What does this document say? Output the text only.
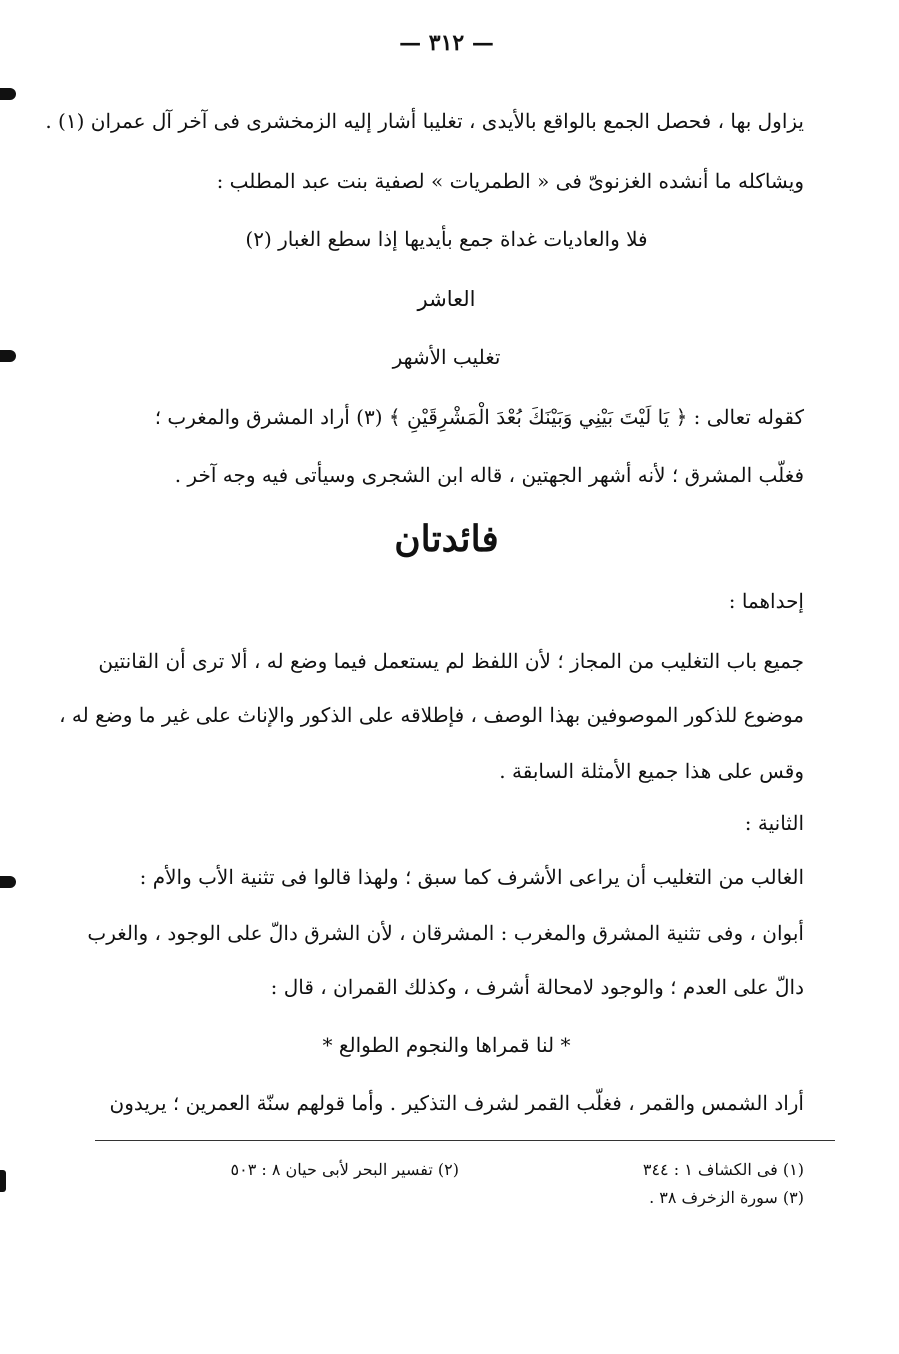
— ٣١٢ —
يزاول بها ، فحصل الجمع بالواقع بالأيدى ، تغليبا أشار إليه الزمخشرى فى آخر آل عمران (١) .
ويشاكله ما أنشده الغزنوىّ فى « الطمريات » لصفية بنت عبد المطلب :
فلا والعاديات غداة جمع بأيديها إذا سطع الغبار (٢)
العاشر
تغليب الأشهر
كقوله تعالى : ﴿ يَا لَيْتَ بَيْنِي وَبَيْنَكَ بُعْدَ الْمَشْرِقَيْنِ ﴾ (٣) أراد المشرق والمغرب ؛
فغلّب المشرق ؛ لأنه أشهر الجهتين ، قاله ابن الشجرى وسيأتى فيه وجه آخر .
فائدتان
إحداهما :
جميع باب التغليب من المجاز ؛ لأن اللفظ لم يستعمل فيما وضع له ، ألا ترى أن القانتين
موضوع للذكور الموصوفين بهذا الوصف ، فإطلاقه على الذكور والإناث على غير ما وضع له ،
وقس على هذا جميع الأمثلة السابقة .
الثانية :
الغالب من التغليب أن يراعى الأشرف كما سبق ؛ ولهذا قالوا فى تثنية الأب والأم :
أبوان ، وفى تثنية المشرق والمغرب : المشرقان ، لأن الشرق دالّ على الوجود ، والغرب
دالّ على العدم ؛ والوجود لامحالة أشرف ، وكذلك القمران ، قال :
* لنا قمراها والنجوم الطوالع *
أراد الشمس والقمر ، فغلّب القمر لشرف التذكير . وأما قولهم سنّة العمرين ؛ يريدون
(١) فى الكشاف ١ : ٣٤٤
(٢) تفسير البحر لأبى حيان ٨ : ٥٠٣
(٣) سورة الزخرف ٣٨ .
